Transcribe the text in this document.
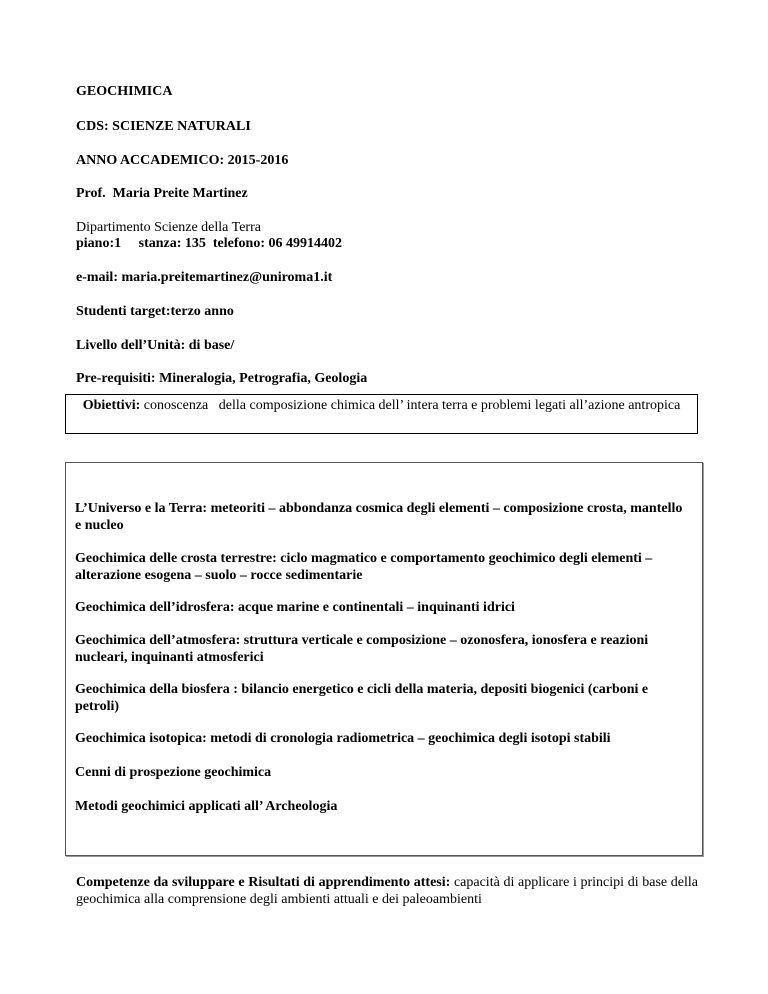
GEOCHIMICA
CDS: SCIENZE NATURALI
ANNO ACCADEMICO: 2015-2016
Prof.  Maria Preite Martinez
Dipartimento Scienze della Terra
piano:1     stanza: 135  telefono: 06 49914402
e-mail: maria.preitemartinez@uniroma1.it
Studenti target:terzo anno
Livello dell’Unità: di base/
Pre-requisiti: Mineralogia, Petrografia, Geologia
Obiettivi: conoscenza   della composizione chimica dell’ intera terra e problemi legati all’azione antropica
L’Universo e la Terra: meteoriti – abbondanza cosmica degli elementi – composizione crosta, mantello e nucleo
Geochimica delle crosta terrestre: ciclo magmatico e comportamento geochimico degli elementi – alterazione esogena – suolo – rocce sedimentarie
Geochimica dell’idrosfera: acque marine e continentali – inquinanti idrici
Geochimica dell’atmosfera: struttura verticale e composizione – ozonosfera, ionosfera e reazioni nucleari, inquinanti atmosferici
Geochimica della biosfera : bilancio energetico e cicli della materia, depositi biogenici (carboni e petroli)
Geochimica isotopica: metodi di cronologia radiometrica – geochimica degli isotopi stabili
Cenni di prospezione geochimica
Metodi geochimici applicati all’ Archeologia
Competenze da sviluppare e Risultati di apprendimento attesi: capacità di applicare i principi di base della geochimica alla comprensione degli ambienti attuali e dei paleoambienti
